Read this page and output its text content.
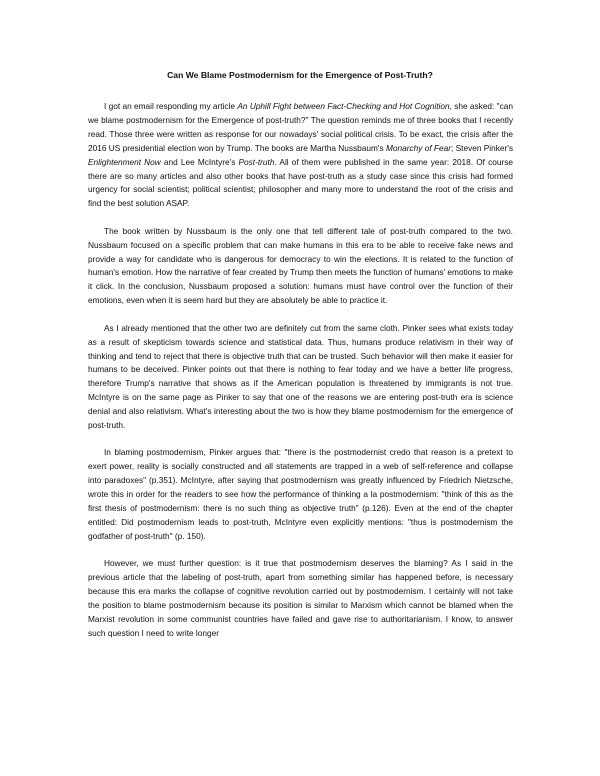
Can We Blame Postmodernism for the Emergence of Post-Truth?

I got an email responding my article An Uphill Fight between Fact-Checking and Hot Cognition, she asked: "can we blame postmodernism for the Emergence of post-truth?" The question reminds me of three books that I recently read. Those three were written as response for our nowadays' social political crisis. To be exact, the crisis after the 2016 US presidential election won by Trump. The books are Martha Nussbaum's Monarchy of Fear; Steven Pinker's Enlightenment Now and Lee McIntyre's Post-truth. All of them were published in the same year: 2018. Of course there are so many articles and also other books that have post-truth as a study case since this crisis had formed urgency for social scientist; political scientist; philosopher and many more to understand the root of the crisis and find the best solution ASAP.

The book written by Nussbaum is the only one that tell different tale of post-truth compared to the two. Nussbaum focused on a specific problem that can make humans in this era to be able to receive fake news and provide a way for candidate who is dangerous for democracy to win the elections. It is related to the function of human's emotion. How the narrative of fear created by Trump then meets the function of humans' emotions to make it click. In the conclusion, Nussbaum proposed a solution: humans must have control over the function of their emotions, even when it is seem hard but they are absolutely be able to practice it.

As I already mentioned that the other two are definitely cut from the same cloth. Pinker sees what exists today as a result of skepticism towards science and statistical data. Thus, humans produce relativism in their way of thinking and tend to reject that there is objective truth that can be trusted. Such behavior will then make it easier for humans to be deceived. Pinker points out that there is nothing to fear today and we have a better life progress, therefore Trump's narrative that shows as if the American population is threatened by immigrants is not true. McIntyre is on the same page as Pinker to say that one of the reasons we are entering post-truth era is science denial and also relativism. What's interesting about the two is how they blame postmodernism for the emergence of post-truth.

In blaming postmodernism, Pinker argues that: "there is the postmodernist credo that reason is a pretext to exert power, reality is socially constructed and all statements are trapped in a web of self-reference and collapse into paradoxes" (p.351). McIntyre, after saying that postmodernism was greatly influenced by Friedrich Nietzsche, wrote this in order for the readers to see how the performance of thinking a la postmodernism: "think of this as the first thesis of postmodernism: there is no such thing as objective truth" (p.126). Even at the end of the chapter entitled: Did postmodernism leads to post-truth, McIntyre even explicitly mentions: "thus is postmodernism the godfather of post-truth" (p. 150).

However, we must further question: is it true that postmodernism deserves the blaming? As I said in the previous article that the labeling of post-truth, apart from something similar has happened before, is necessary because this era marks the collapse of cognitive revolution carried out by postmodernism. I certainly will not take the position to blame postmodernism because its position is similar to Marxism which cannot be blamed when the Marxist revolution in some communist countries have failed and gave rise to authoritarianism. I know, to answer such question I need to write longer
